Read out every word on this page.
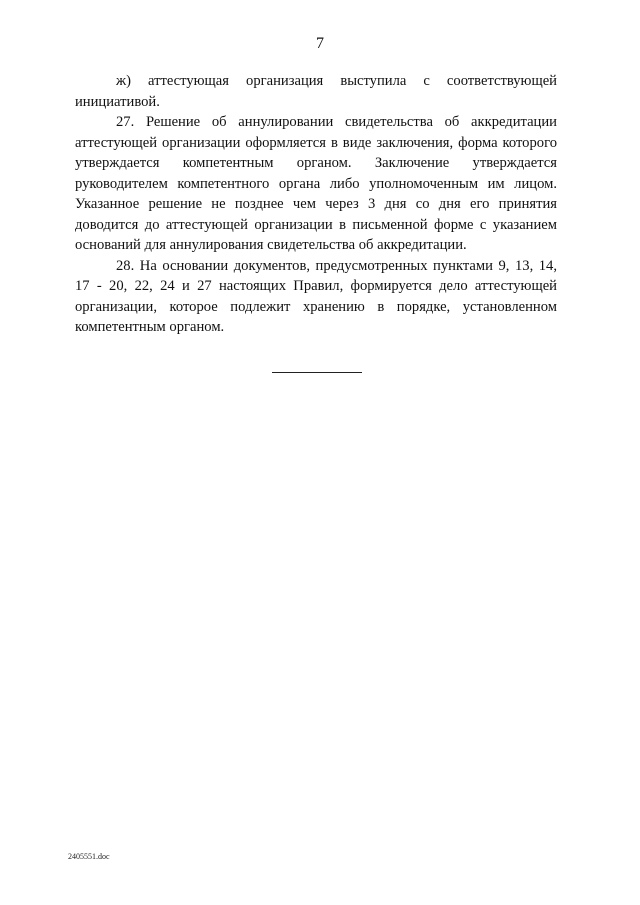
7

ж) аттестующая организация выступила с соответствующей инициативой.

27. Решение об аннулировании свидетельства об аккредитации аттестующей организации оформляется в виде заключения, форма которого утверждается компетентным органом. Заключение утверждается руководителем компетентного органа либо уполномоченным им лицом. Указанное решение не позднее чем через 3 дня со дня его принятия доводится до аттестующей организации в письменной форме с указанием оснований для аннулирования свидетельства об аккредитации.

28. На основании документов, предусмотренных пунктами 9, 13, 14, 17 - 20, 22, 24 и 27 настоящих Правил, формируется дело аттестующей организации, которое подлежит хранению в порядке, установленном компетентным органом.

2405551.doc
